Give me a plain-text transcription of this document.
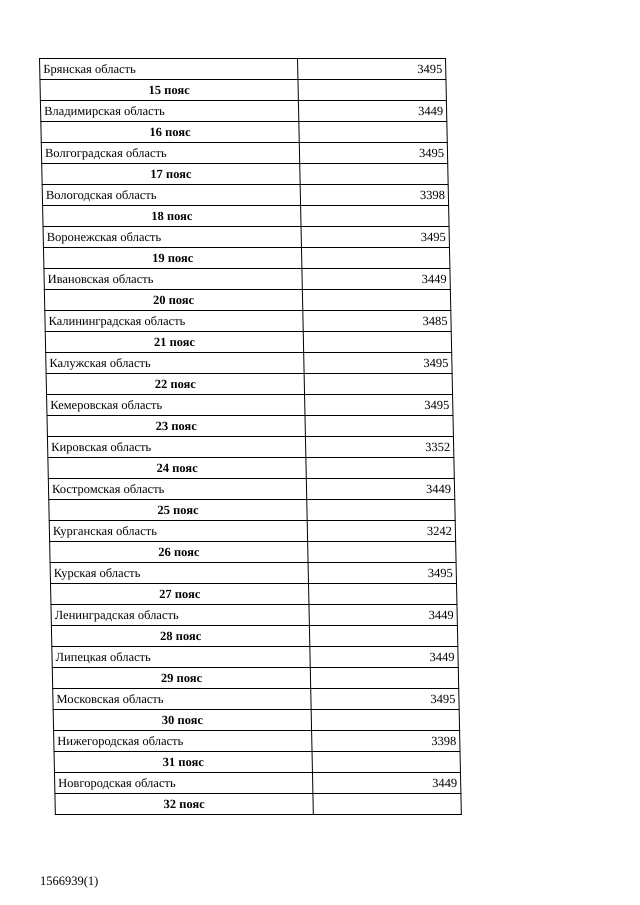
Брянская область	3495
15 пояс	
Владимирская область	3449
16 пояс	
Волгоградская область	3495
17 пояс	
Вологодская область	3398
18 пояс	
Воронежская область	3495
19 пояс	
Ивановская область	3449
20 пояс	
Калининградская область	3485
21 пояс	
Калужская область	3495
22 пояс	
Кемеровская область	3495
23 пояс	
Кировская область	3352
24 пояс	
Костромская область	3449
25 пояс	
Курганская область	3242
26 пояс	
Курская область	3495
27 пояс	
Ленинградская область	3449
28 пояс	
Липецкая область	3449
29 пояс	
Московская область	3495
30 пояс	
Нижегородская область	3398
31 пояс	
Новгородская область	3449
32 пояс	
1566939(1)
